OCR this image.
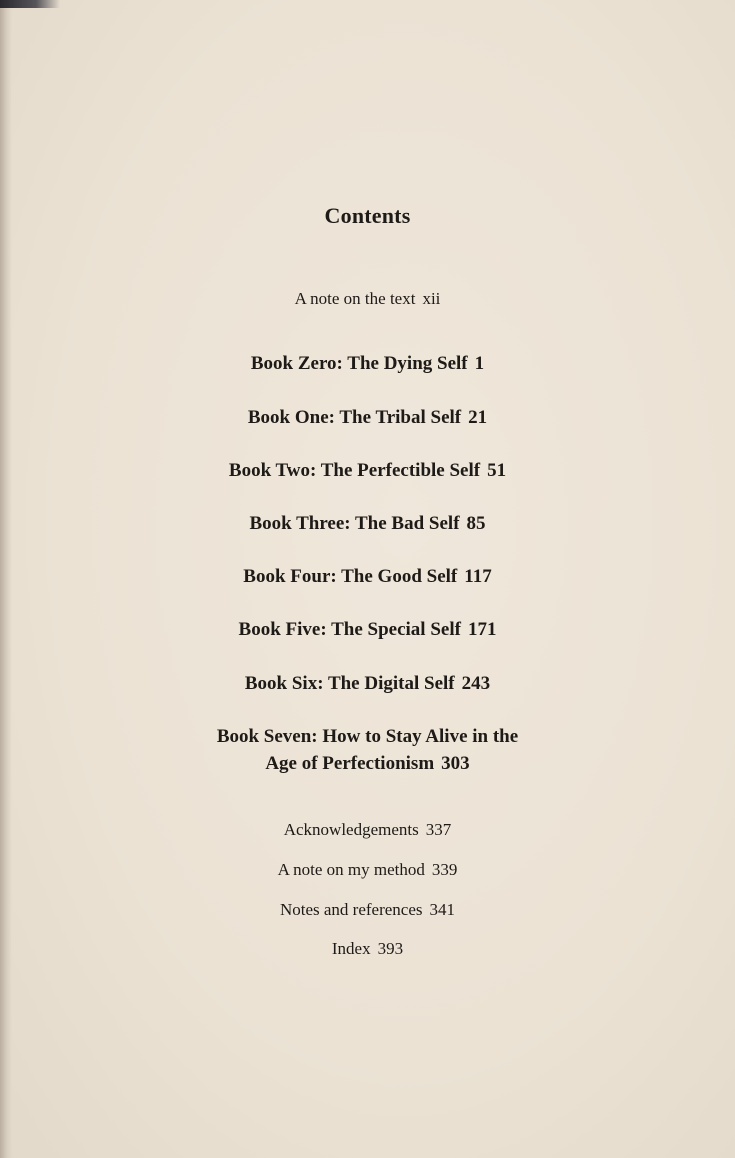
Contents
A note on the text xii
Book Zero: The Dying Self 1
Book One: The Tribal Self 21
Book Two: The Perfectible Self 51
Book Three: The Bad Self 85
Book Four: The Good Self 117
Book Five: The Special Self 171
Book Six: The Digital Self 243
Book Seven: How to Stay Alive in the
Age of Perfectionism 303
Acknowledgements 337
A note on my method 339
Notes and references 341
Index 393
